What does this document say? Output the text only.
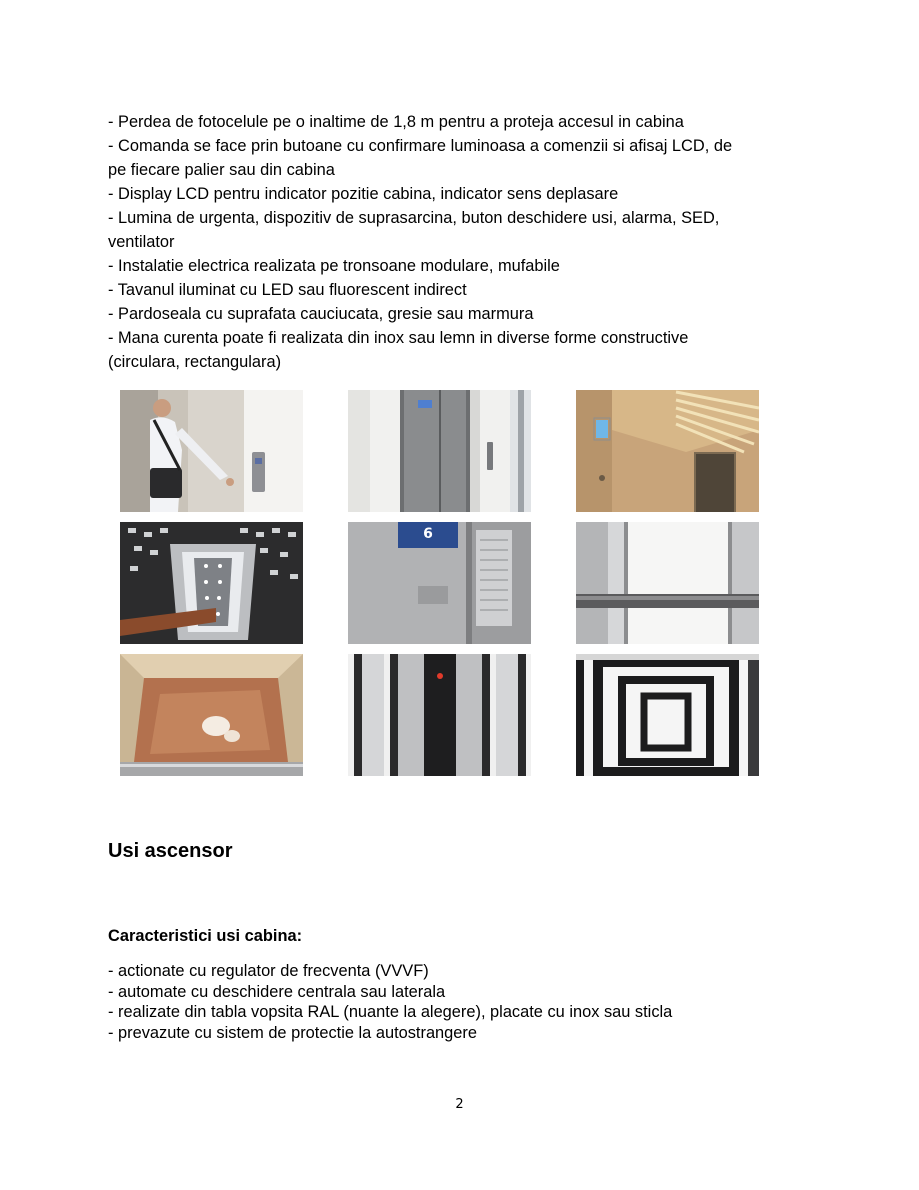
- Perdea de fotocelule pe o inaltime de 1,8 m pentru a proteja accesul in cabina
- Comanda se face prin butoane cu confirmare luminoasa a comenzii si afisaj LCD, de
pe fiecare palier sau din cabina
- Display LCD pentru indicator pozitie cabina, indicator sens deplasare
- Lumina de urgenta, dispozitiv de suprasarcina, buton deschidere usi, alarma, SED,
ventilator
- Instalatie electrica realizata pe tronsoane modulare, mufabile
- Tavanul iluminat cu LED sau fluorescent indirect
- Pardoseala cu suprafata cauciucata, gresie sau marmura
- Mana curenta poate fi realizata din inox sau lemn in diverse forme constructive
(circulara, rectangulara)
6
Usi ascensor
Caracteristici usi cabina:
- actionate cu regulator de frecventa (VVVF)
- automate cu deschidere centrala sau laterala
- realizate din tabla vopsita RAL (nuante la alegere), placate cu inox sau sticla
- prevazute cu sistem de protectie la autostrangere
2
